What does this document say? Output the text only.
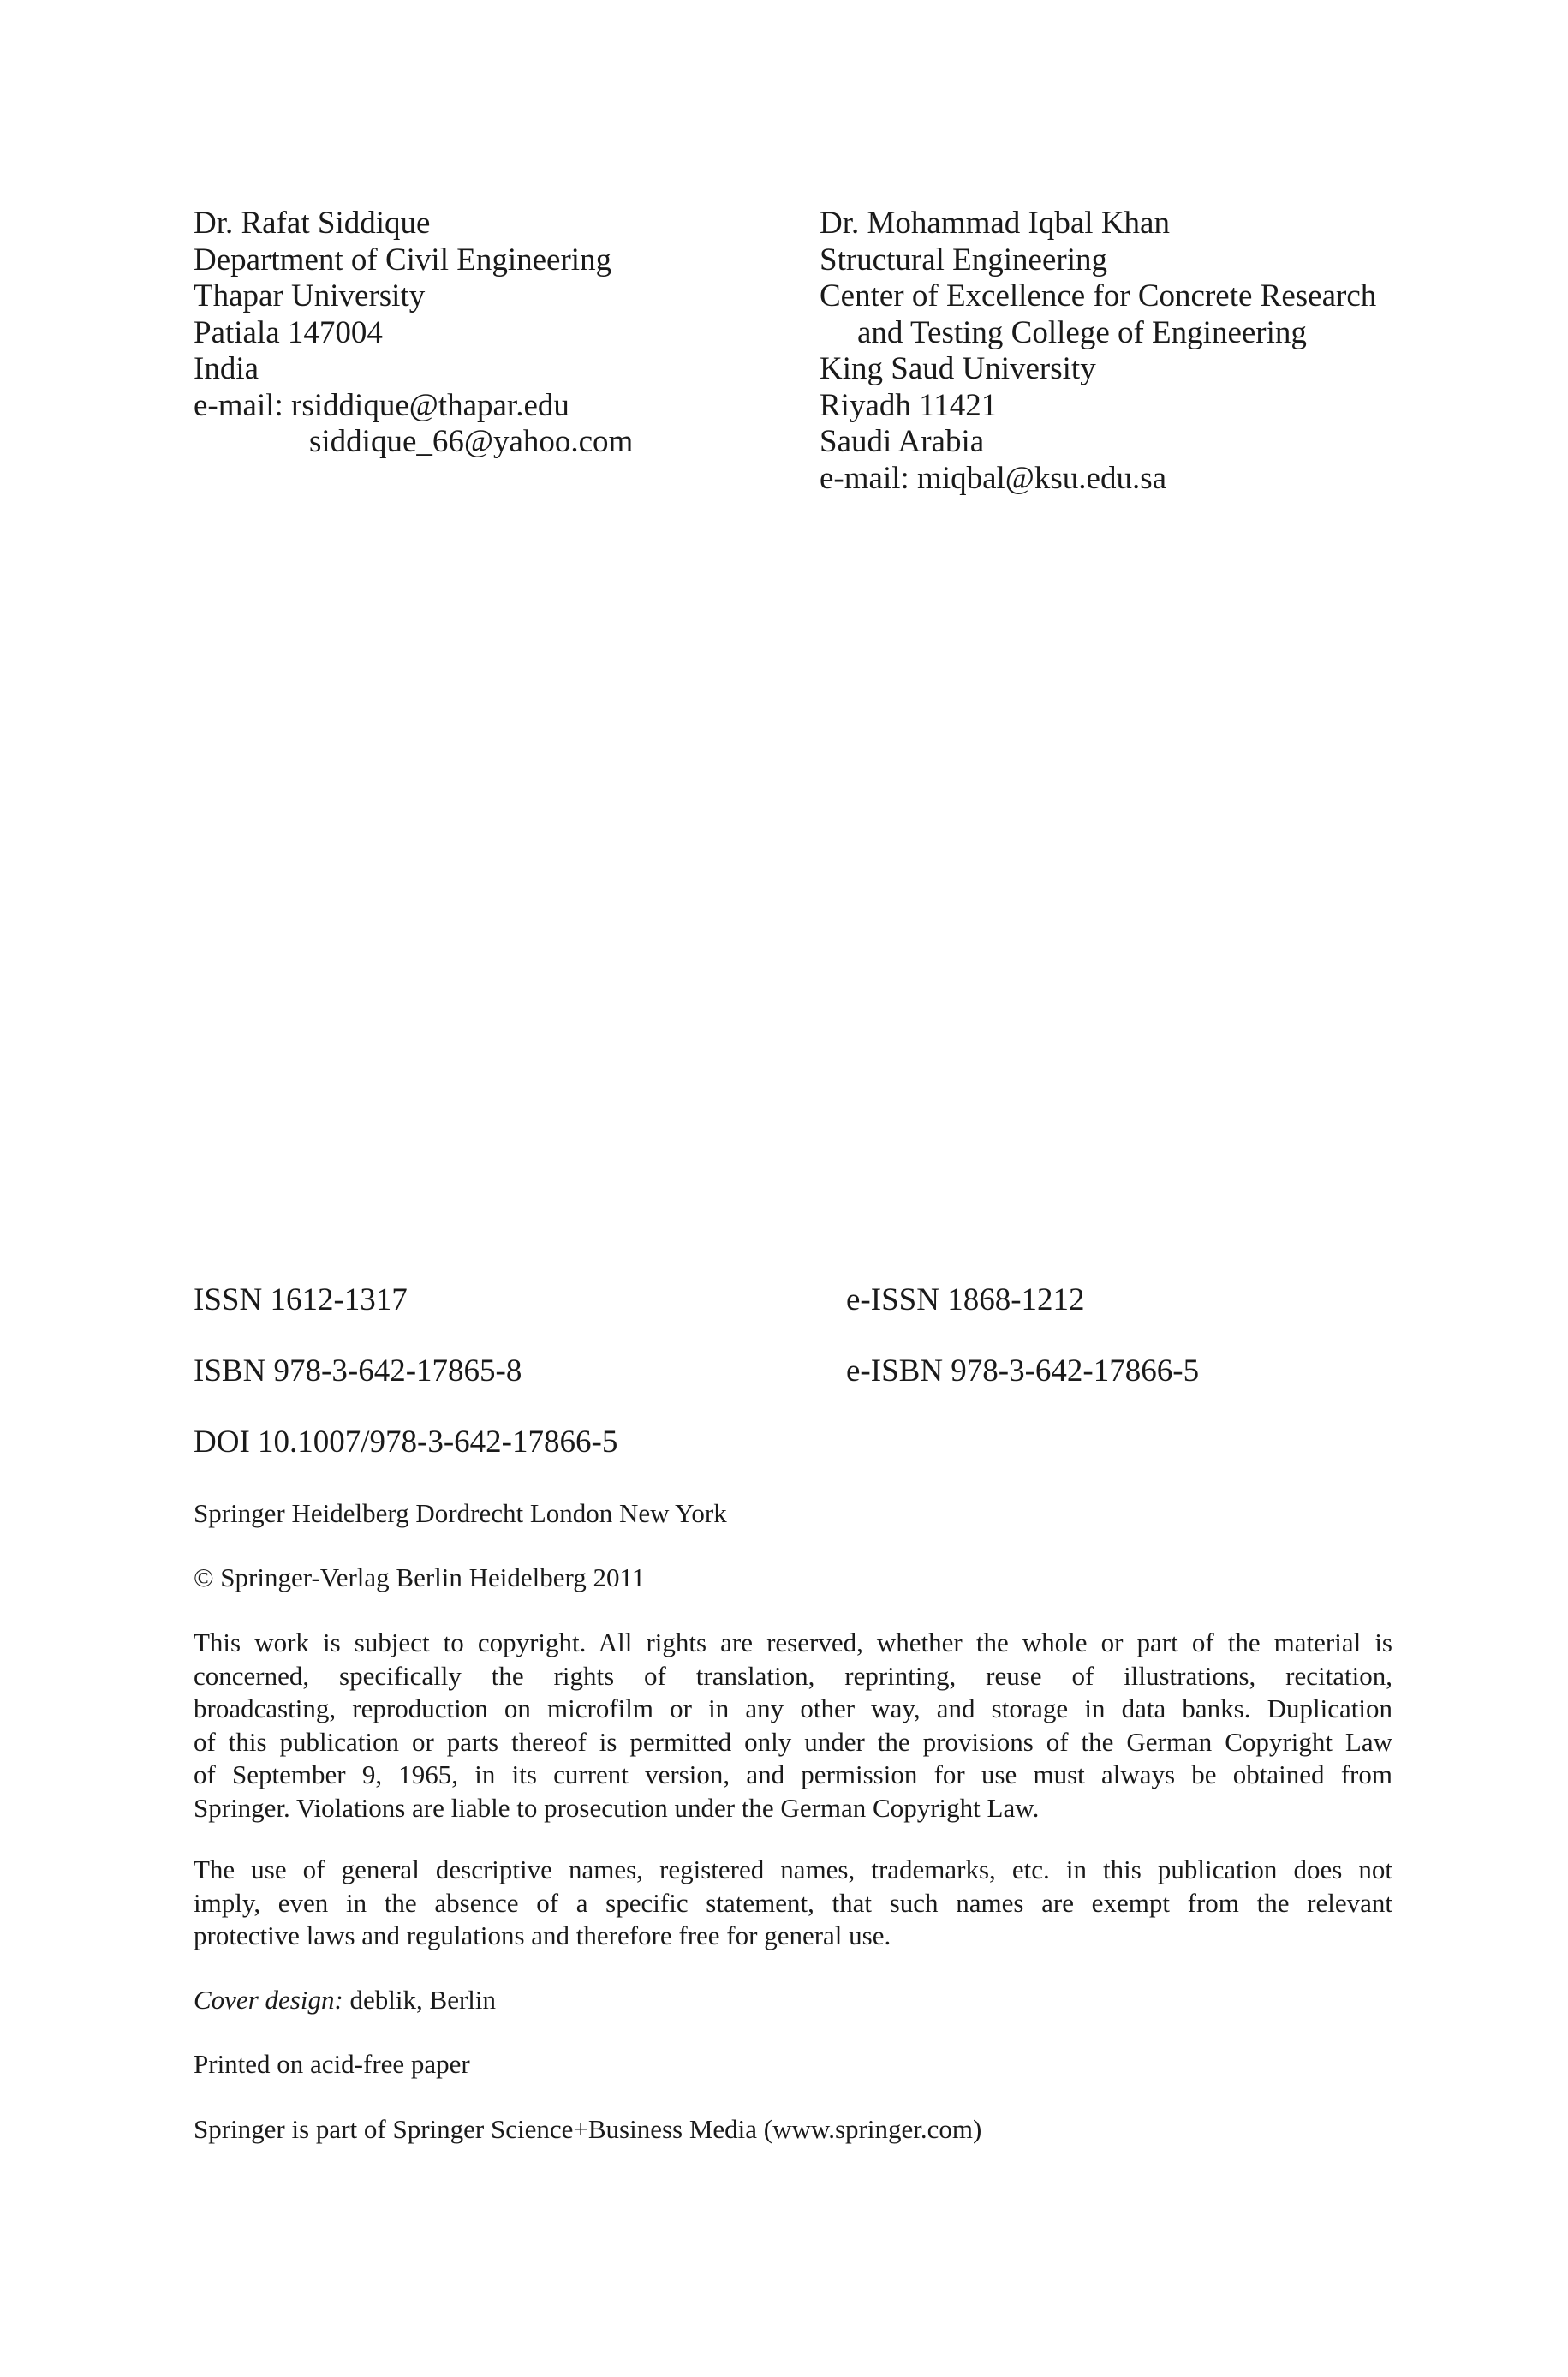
Dr. Rafat Siddique
Department of Civil Engineering
Thapar University
Patiala 147004
India
e-mail: rsiddique@thapar.edu
siddique_66@yahoo.com
Dr. Mohammad Iqbal Khan
Structural Engineering
Center of Excellence for Concrete Research
and Testing College of Engineering
King Saud University
Riyadh 11421
Saudi Arabia
e-mail: miqbal@ksu.edu.sa
ISSN 1612-1317	e-ISSN 1868-1212
ISBN 978-3-642-17865-8	e-ISBN 978-3-642-17866-5
DOI 10.1007/978-3-642-17866-5
Springer Heidelberg Dordrecht London New York
© Springer-Verlag Berlin Heidelberg 2011
This work is subject to copyright. All rights are reserved, whether the whole or part of the material is
concerned, specifically the rights of translation, reprinting, reuse of illustrations, recitation,
broadcasting, reproduction on microfilm or in any other way, and storage in data banks. Duplication
of this publication or parts thereof is permitted only under the provisions of the German Copyright Law
of September 9, 1965, in its current version, and permission for use must always be obtained from
Springer. Violations are liable to prosecution under the German Copyright Law.
The use of general descriptive names, registered names, trademarks, etc. in this publication does not
imply, even in the absence of a specific statement, that such names are exempt from the relevant
protective laws and regulations and therefore free for general use.
Cover design: deblik, Berlin
Printed on acid-free paper
Springer is part of Springer Science+Business Media (www.springer.com)
